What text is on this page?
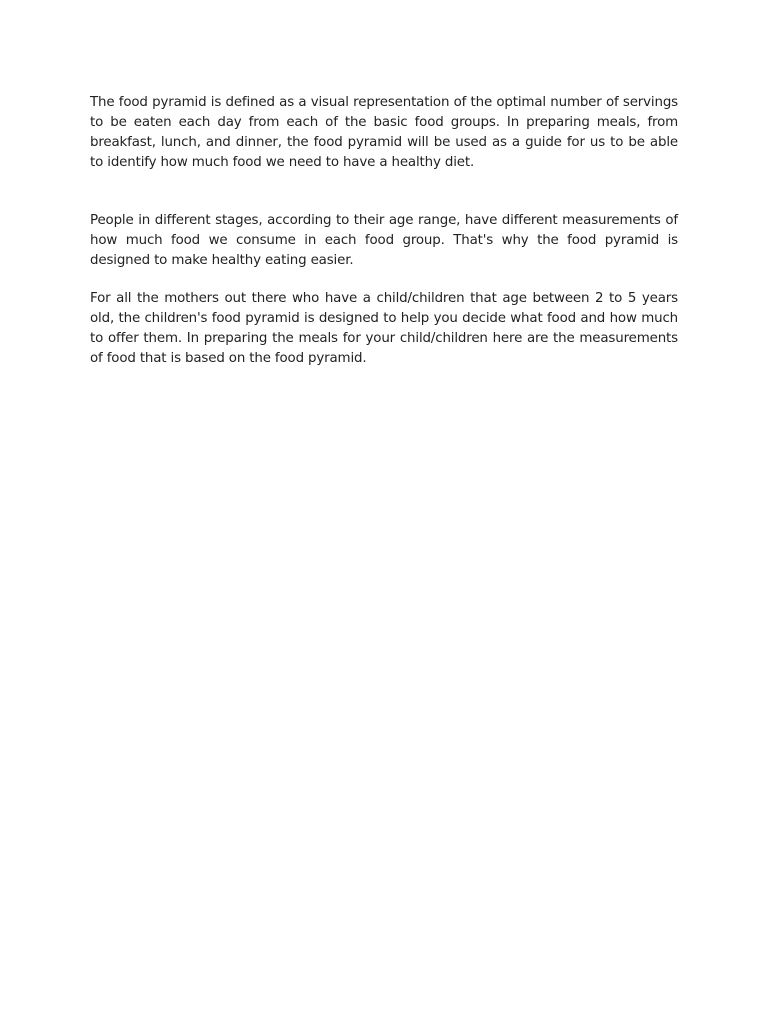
The food pyramid is defined as a visual representation of the optimal number of servings to be eaten each day from each of the basic food groups. In preparing meals, from breakfast, lunch, and dinner, the food pyramid will be used as a guide for us to be able to identify how much food we need to have a healthy diet.

People in different stages, according to their age range, have different measurements of how much food we consume in each food group. That's why the food pyramid is designed to make healthy eating easier.

For all the mothers out there who have a child/children that age between 2 to 5 years old, the children's food pyramid is designed to help you decide what food and how much to offer them. In preparing the meals for your child/children here are the measurements of food that is based on the food pyramid.
